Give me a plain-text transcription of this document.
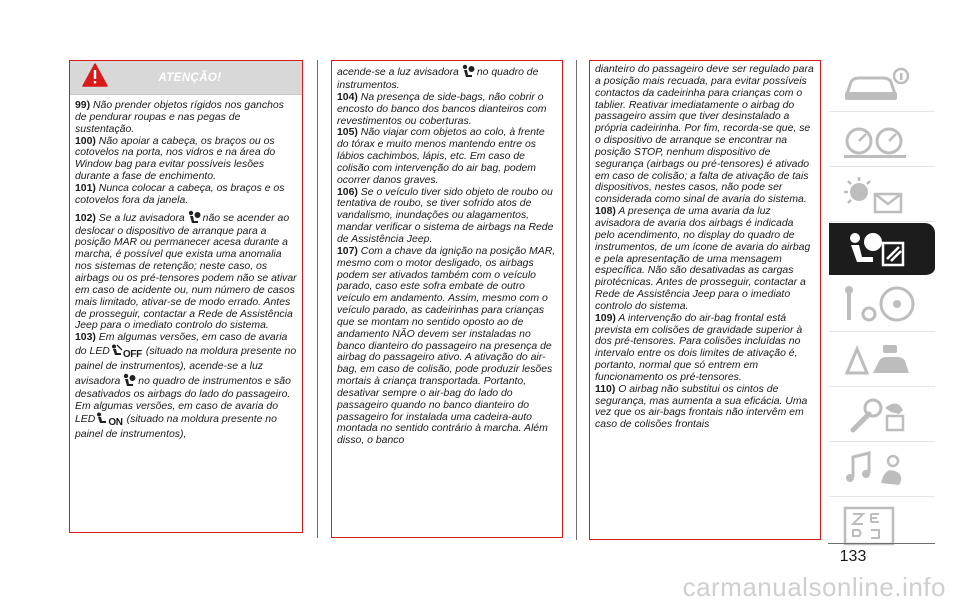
ATENÇÃO!

99) Não prender objetos rígidos nos ganchos de pendurar roupas e nas pegas de sustentação.

100) Não apoiar a cabeça, os braços ou os cotovelos na porta, nos vidros e na área do Window bag para evitar possíveis lesões durante a fase de enchimento.

101) Nunca colocar a cabeça, os braços e os cotovelos fora da janela.

102) Se a luz avisadora não se acender ao deslocar o dispositivo de arranque para a posição MAR ou permanecer acesa durante a marcha, é possível que exista uma anomalia nos sistemas de retenção; neste caso, os airbags ou os pré-tensores podem não se ativar em caso de acidente ou, num número de casos mais limitado, ativar-se de modo errado. Antes de prosseguir, contactar a Rede de Assistência Jeep para o imediato controlo do sistema.

103) Em algumas versões, em caso de avaria do LED OFF (situado na moldura presente no painel de instrumentos), acende-se a luz avisadora no quadro de instrumentos e são desativados os airbags do lado do passageiro. Em algumas versões, em caso de avaria do LED ON (situado na moldura presente no painel de instrumentos),

acende-se a luz avisadora no quadro de instrumentos.

104) Na presença de side-bags, não cobrir o encosto do banco dos bancos dianteiros com revestimentos ou coberturas.

105) Não viajar com objetos ao colo, à frente do tórax e muito menos mantendo entre os lábios cachimbos, lápis, etc. Em caso de colisão com intervenção do air bag, podem ocorrer danos graves.

106) Se o veículo tiver sido objeto de roubo ou tentativa de roubo, se tiver sofrido atos de vandalismo, inundações ou alagamentos, mandar verificar o sistema de airbags na Rede de Assistência Jeep.

107) Com a chave da ignição na posição MAR, mesmo com o motor desligado, os airbags podem ser ativados também com o veículo parado, caso este sofra embate de outro veículo em andamento. Assim, mesmo com o veículo parado, as cadeirinhas para crianças que se montam no sentido oposto ao de andamento NÃO devem ser instaladas no banco dianteiro do passageiro na presença de airbag do passageiro ativo. A ativação do air-bag, em caso de colisão, pode produzir lesões mortais à criança transportada. Portanto, desativar sempre o air-bag do lado do passageiro quando no banco dianteiro do passageiro for instalada uma cadeira-auto montada no sentido contrário à marcha. Além disso, o banco

dianteiro do passageiro deve ser regulado para a posição mais recuada, para evitar possíveis contactos da cadeirinha para crianças com o tablier. Reativar imediatamente o airbag do passageiro assim que tiver desinstalado a própria cadeirinha. Por fim, recorda-se que, se o dispositivo de arranque se encontrar na posição STOP, nenhum dispositivo de segurança (airbags ou pré-tensores) é ativado em caso de colisão; a falta de ativação de tais dispositivos, nestes casos, não pode ser considerada como sinal de avaria do sistema.

108) A presença de uma avaria da luz avisadora de avaria dos airbags é indicada pelo acendimento, no display do quadro de instrumentos, de um ícone de avaria do airbag e pela apresentação de uma mensagem específica. Não são desativadas as cargas pirotécnicas. Antes de prosseguir, contactar a Rede de Assistência Jeep para o imediato controlo do sistema.

109) A intervenção do air-bag frontal está prevista em colisões de gravidade superior à dos pré-tensores. Para colisões incluídas no intervalo entre os dois limites de ativação é, portanto, normal que só entrem em funcionamento os pré-tensores.

110) O airbag não substitui os cintos de segurança, mas aumenta a sua eficácia. Uma vez que os air-bags frontais não intervêm em caso de colisões frontais

133
carmanualsonline.info
